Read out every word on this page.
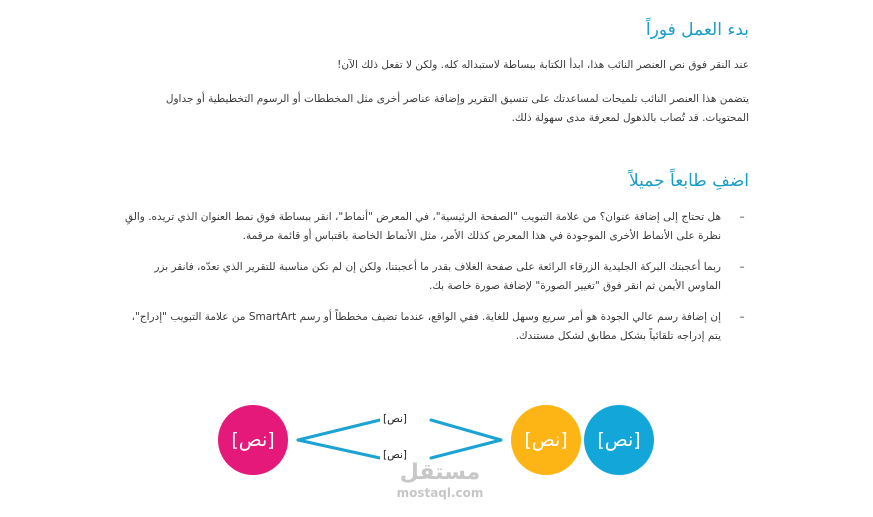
بدء العمل فوراً

عند النقر فوق نص العنصر النائب هذا، ابدأ الكتابة ببساطة لاستبداله كله. ولكن لا تفعل ذلك الآن!

يتضمن هذا العنصر النائب تلميحات لمساعدتك على تنسيق التقرير وإضافة عناصر أخرى مثل المخططات أو الرسوم التخطيطية أو جداول المحتويات. قد تُصاب بالذهول لمعرفة مدى سهولة ذلك.

اضفِ طابعاً جميلاً
–
هل تحتاج إلى إضافة عنوان؟ من علامة التبويب "الصفحة الرئيسية"، في المعرض "أنماط"، انقر ببساطة فوق نمط العنوان الذي تريده. والقِ نظرة على الأنماط الأخرى الموجودة في هذا المعرض كذلك الأمر، مثل الأنماط الخاصة باقتباس أو قائمة مرقمة.
–
ربما أعجبتك البركة الجليدية الزرقاء الرائعة على صفحة الغلاف بقدر ما أعجبتنا، ولكن إن لم تكن مناسبة للتقرير الذي تعدّه، فانقر بزر الماوس الأيمن ثم انقر فوق "تغيير الصورة" لإضافة صورة خاصة بك.
–
إن إضافة رسم عالي الجودة هو أمر سريع وسهل للغاية. ففي الواقع، عندما تضيف مخططاً أو رسم SmartArt من علامة التبويب "إدراج"، يتم إدراجه تلقائياً بشكل مطابق لشكل مستندك.
[نص]	[نص]	[نص]
[نص]
[نص]
مستقل
mostaql.com
